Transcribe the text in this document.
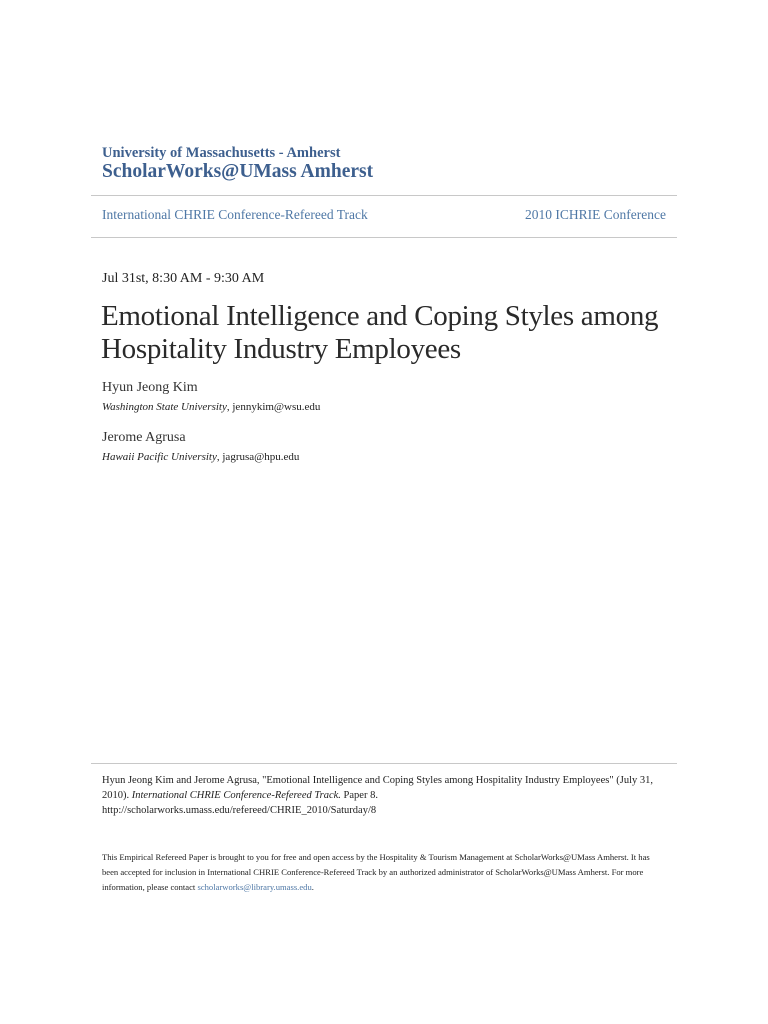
University of Massachusetts - Amherst
ScholarWorks@UMass Amherst
International CHRIE Conference-Refereed Track	2010 ICHRIE Conference
Jul 31st, 8:30 AM - 9:30 AM
Emotional Intelligence and Coping Styles among Hospitality Industry Employees
Hyun Jeong Kim
Washington State University, jennykim@wsu.edu
Jerome Agrusa
Hawaii Pacific University, jagrusa@hpu.edu
Hyun Jeong Kim and Jerome Agrusa, "Emotional Intelligence and Coping Styles among Hospitality Industry Employees" (July 31, 2010). International CHRIE Conference-Refereed Track. Paper 8.
http://scholarworks.umass.edu/refereed/CHRIE_2010/Saturday/8
This Empirical Refereed Paper is brought to you for free and open access by the Hospitality & Tourism Management at ScholarWorks@UMass Amherst. It has been accepted for inclusion in International CHRIE Conference-Refereed Track by an authorized administrator of ScholarWorks@UMass Amherst. For more information, please contact scholarworks@library.umass.edu.
